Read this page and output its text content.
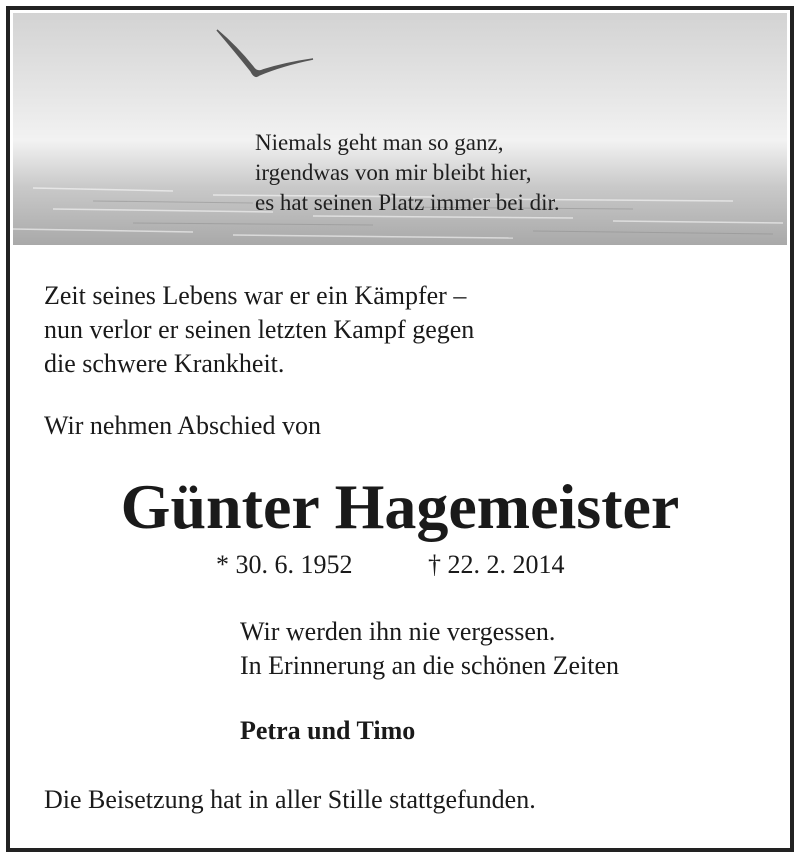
Niemals geht man so ganz,
irgendwas von mir bleibt hier,
es hat seinen Platz immer bei dir.

Zeit seines Lebens war er ein Kämpfer –

nun verlor er seinen letzten Kampf gegen

die schwere Krankheit.

Wir nehmen Abschied von

Günter Hagemeister
* 30. 6. 1952	† 22. 2. 2014

Wir werden ihn nie vergessen.

In Erinnerung an die schönen Zeiten

Petra und Timo

Die Beisetzung hat in aller Stille stattgefunden.
